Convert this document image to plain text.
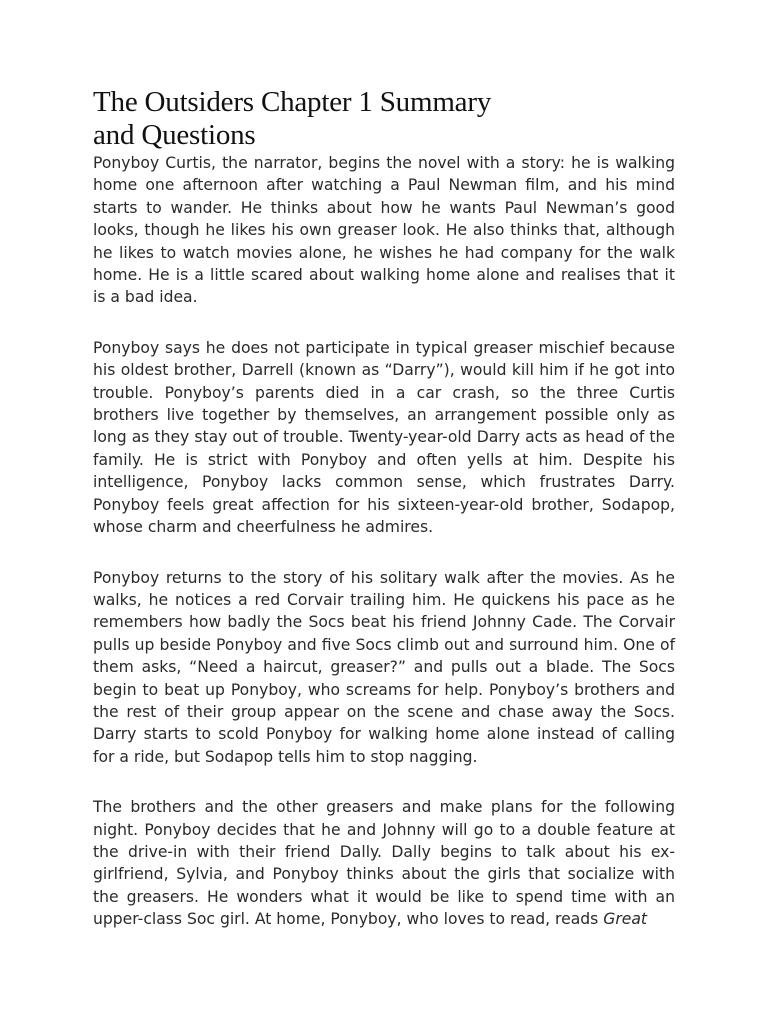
The Outsiders Chapter 1 Summary
and Questions

Ponyboy Curtis, the narrator, begins the novel with a story: he is walking home one afternoon after watching a Paul Newman film, and his mind starts to wander. He thinks about how he wants Paul Newman’s good looks, though he likes his own greaser look. He also thinks that, although he likes to watch movies alone, he wishes he had company for the walk home. He is a little scared about walking home alone and realises that it is a bad idea.

Ponyboy says he does not participate in typical greaser mischief because his oldest brother, Darrell (known as “Darry”), would kill him if he got into trouble. Ponyboy’s parents died in a car crash, so the three Curtis brothers live together by themselves, an arrangement possible only as long as they stay out of trouble. Twenty-year-old Darry acts as head of the family. He is strict with Ponyboy and often yells at him. Despite his intelligence, Ponyboy lacks common sense, which frustrates Darry. Ponyboy feels great affection for his sixteen-year-old brother, Sodapop, whose charm and cheerfulness he admires.

Ponyboy returns to the story of his solitary walk after the movies. As he walks, he notices a red Corvair trailing him. He quickens his pace as he remembers how badly the Socs beat his friend Johnny Cade. The Corvair pulls up beside Ponyboy and five Socs climb out and surround him. One of them asks, “Need a haircut, greaser?” and pulls out a blade. The Socs begin to beat up Ponyboy, who screams for help. Ponyboy’s brothers and the rest of their group appear on the scene and chase away the Socs. Darry starts to scold Ponyboy for walking home alone instead of calling for a ride, but Sodapop tells him to stop nagging.

The brothers and the other greasers and make plans for the following night. Ponyboy decides that he and Johnny will go to a double feature at the drive-in with their friend Dally. Dally begins to talk about his ex-girlfriend, Sylvia, and Ponyboy thinks about the girls that socialize with the greasers. He wonders what it would be like to spend time with an upper-class Soc girl. At home, Ponyboy, who loves to read, reads Great
